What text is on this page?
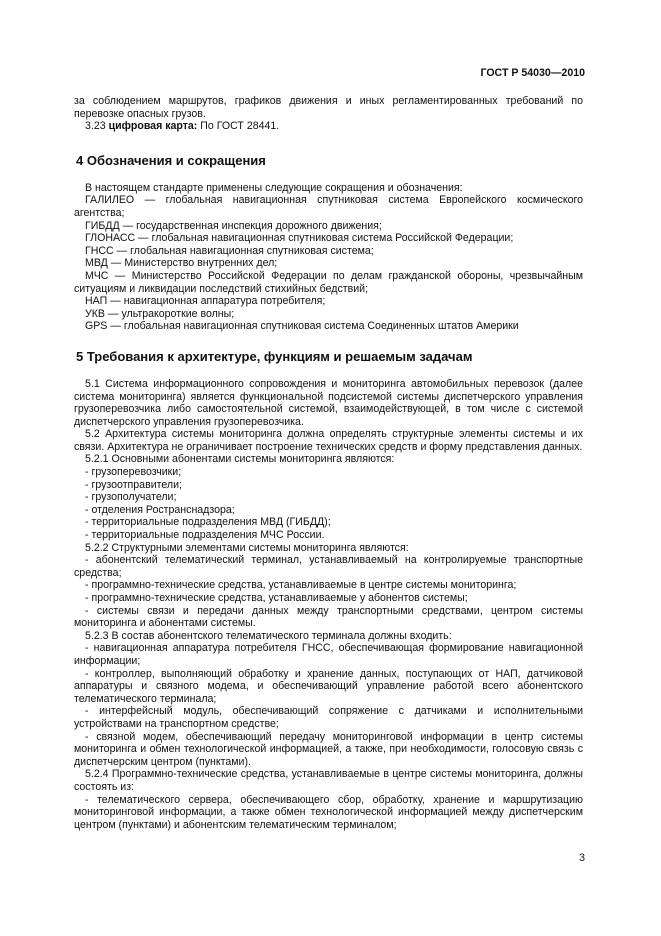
ГОСТ Р 54030—2010

за соблюдением маршрутов, графиков движения и иных регламентированных требований по перевозке опасных грузов.

3.23 цифровая карта: По ГОСТ 28441.

4 Обозначения и сокращения

В настоящем стандарте применены следующие сокращения и обозначения:

ГАЛИЛЕО — глобальная навигационная спутниковая система Европейского космического агентства;

ГИБДД — государственная инспекция дорожного движения;

ГЛОНАСС — глобальная навигационная спутниковая система Российской Федерации;

ГНСС — глобальная навигационная спутниковая система;

МВД — Министерство внутренних дел;

МЧС — Министерство Российской Федерации по делам гражданской обороны, чрезвычайным ситуациям и ликвидации последствий стихийных бедствий;

НАП — навигационная аппаратура потребителя;

УКВ — ультракороткие волны;

GPS — глобальная навигационная спутниковая система Соединенных штатов Америки

5 Требования к архитектуре, функциям и решаемым задачам

5.1 Система информационного сопровождения и мониторинга автомобильных перевозок (далее система мониторинга) является функциональной подсистемой системы диспетчерского управления грузоперевозчика либо самостоятельной системой, взаимодействующей, в том числе с системой диспетчерского управления грузоперевозчика.

5.2 Архитектура системы мониторинга должна определять структурные элементы системы и их связи. Архитектура не ограничивает построение технических средств и форму представления данных.

5.2.1 Основными абонентами системы мониторинга являются:

- грузоперевозчики;

- грузоотправители;

- грузополучатели;

- отделения Ространснадзора;

- территориальные подразделения МВД (ГИБДД);

- территориальные подразделения МЧС России.

5.2.2 Структурными элементами системы мониторинга являются:

- абонентский телематический терминал, устанавливаемый на контролируемые транспортные средства;

- программно-технические средства, устанавливаемые в центре системы мониторинга;

- программно-технические средства, устанавливаемые у абонентов системы;

- системы связи и передачи данных между транспортными средствами, центром системы мониторинга и абонентами системы.

5.2.3 В состав абонентского телематического терминала должны входить:

- навигационная аппаратура потребителя ГНСС, обеспечивающая формирование навигационной информации;

- контроллер, выполняющий обработку и хранение данных, поступающих от НАП, датчиковой аппаратуры и связного модема, и обеспечивающий управление работой всего абонентского телематического терминала;

- интерфейсный модуль, обеспечивающий сопряжение с датчиками и исполнительными устройствами на транспортном средстве;

- связной модем, обеспечивающий передачу мониторинговой информации в центр системы мониторинга и обмен технологической информацией, а также, при необходимости, голосовую связь с диспетчерским центром (пунктами).

5.2.4 Программно-технические средства, устанавливаемые в центре системы мониторинга, должны состоять из:

- телематического сервера, обеспечивающего сбор, обработку, хранение и маршрутизацию мониторинговой информации, а также обмен технологической информацией между диспетчерским центром (пунктами) и абонентским телематическим терминалом;

3
